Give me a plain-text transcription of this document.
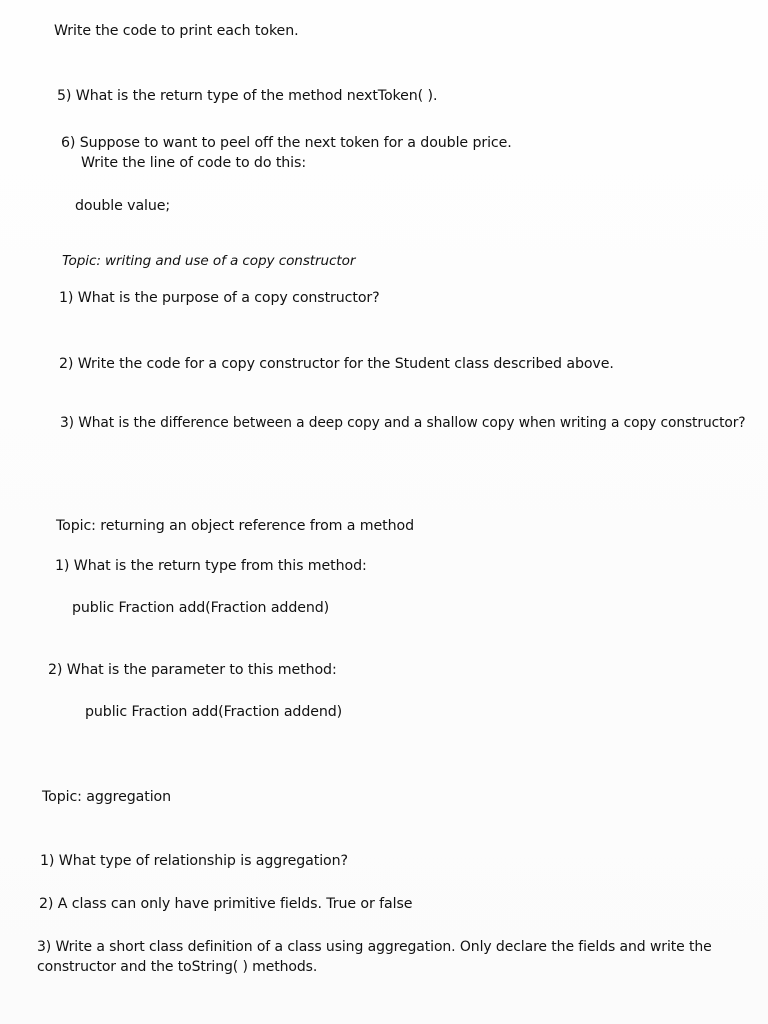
Write the code to print each token.
5) What is the return type of the method nextToken( ).
6) Suppose to want to peel off the next token for a double price.
Write the line of code to do this:
double value;
Topic: writing and use of a copy constructor
1) What is the purpose of a copy constructor?
2) Write the code for a copy constructor for the Student class described above.
3) What is the difference between a deep copy and a shallow copy when writing a copy constructor?
Topic: returning an object reference from a method
1) What is the return type from this method:
public Fraction add(Fraction addend)
2) What is the parameter to this method:
public Fraction add(Fraction addend)
Topic: aggregation
1) What type of relationship is aggregation?
2) A class can only have primitive fields. True or false
3) Write a short class definition of a class using aggregation. Only declare the fields and write the
constructor and the toString( ) methods.
